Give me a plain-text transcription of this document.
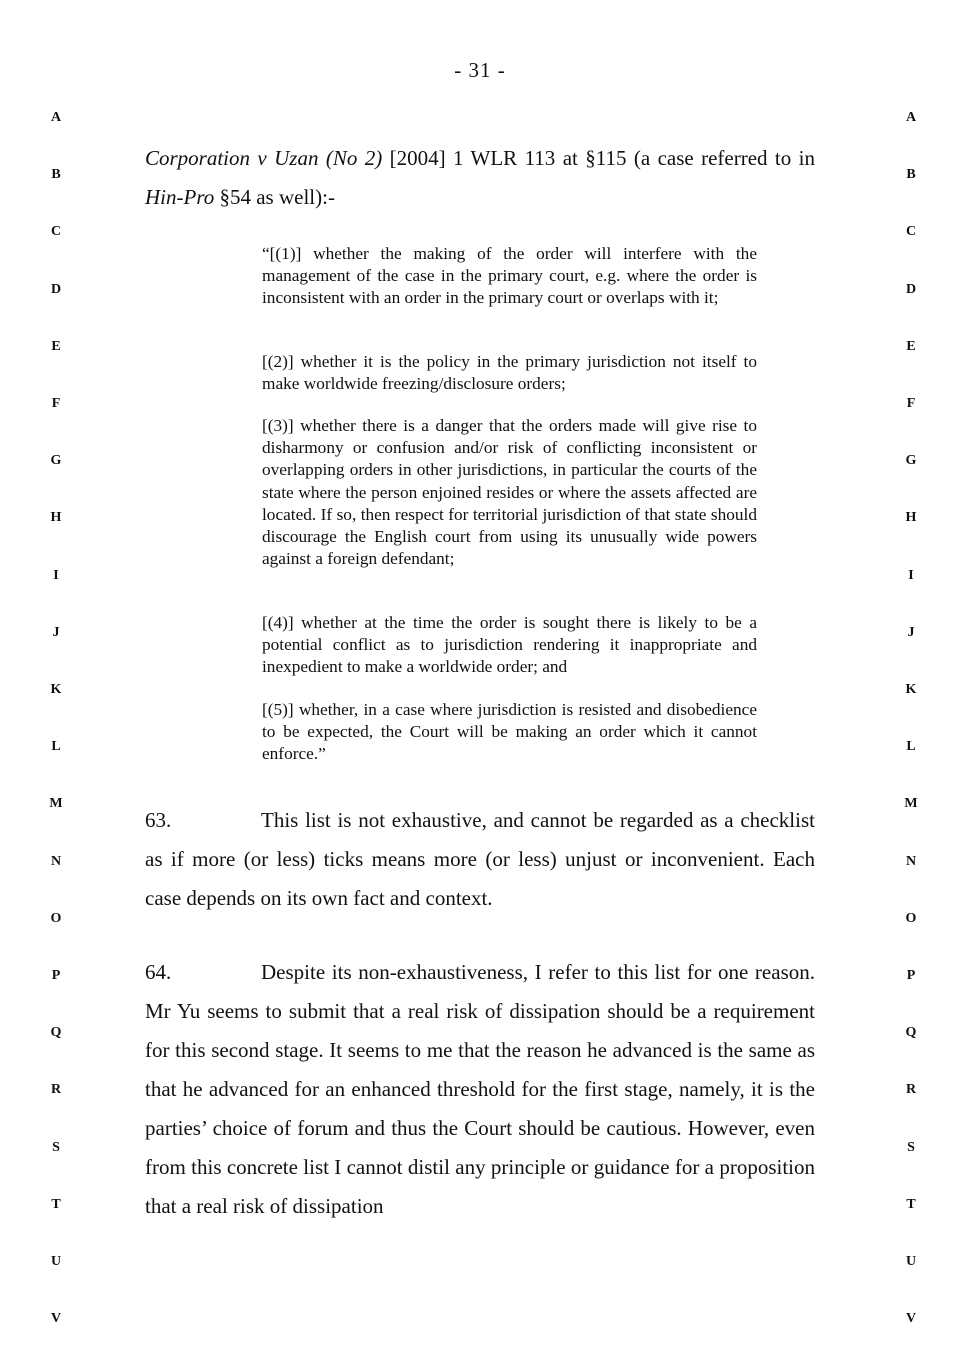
- 31 -
A
B
C
D
E
F
G
H
I
J
K
L
M
N
O
P
Q
R
S
T
U
V
A
B
C
D
E
F
G
H
I
J
K
L
M
N
O
P
Q
R
S
T
U
V

Corporation v Uzan (No 2) [2004] 1 WLR 113 at §115 (a case referred to in Hin-Pro §54 as well):-

“[(1)] whether the making of the order will interfere with the management of the case in the primary court, e.g. where the order is inconsistent with an order in the primary court or overlaps with it;

[(2)] whether it is the policy in the primary jurisdiction not itself to make worldwide freezing/disclosure orders;

[(3)] whether there is a danger that the orders made will give rise to disharmony or confusion and/or risk of conflicting inconsistent or overlapping orders in other jurisdictions, in particular the courts of the state where the person enjoined resides or where the assets affected are located. If so, then respect for territorial jurisdiction of that state should discourage the English court from using its unusually wide powers against a foreign defendant;

[(4)] whether at the time the order is sought there is likely to be a potential conflict as to jurisdiction rendering it inappropriate and inexpedient to make a worldwide order; and

[(5)] whether, in a case where jurisdiction is resisted and disobedience to be expected, the Court will be making an order which it cannot enforce.”

63.	This list is not exhaustive, and cannot be regarded as a checklist as if more (or less) ticks means more (or less) unjust or inconvenient. Each case depends on its own fact and context.

64.	Despite its non-exhaustiveness, I refer to this list for one reason. Mr Yu seems to submit that a real risk of dissipation should be a requirement for this second stage. It seems to me that the reason he advanced is the same as that he advanced for an enhanced threshold for the first stage, namely, it is the parties’ choice of forum and thus the Court should be cautious. However, even from this concrete list I cannot distil any principle or guidance for a proposition that a real risk of dissipation
